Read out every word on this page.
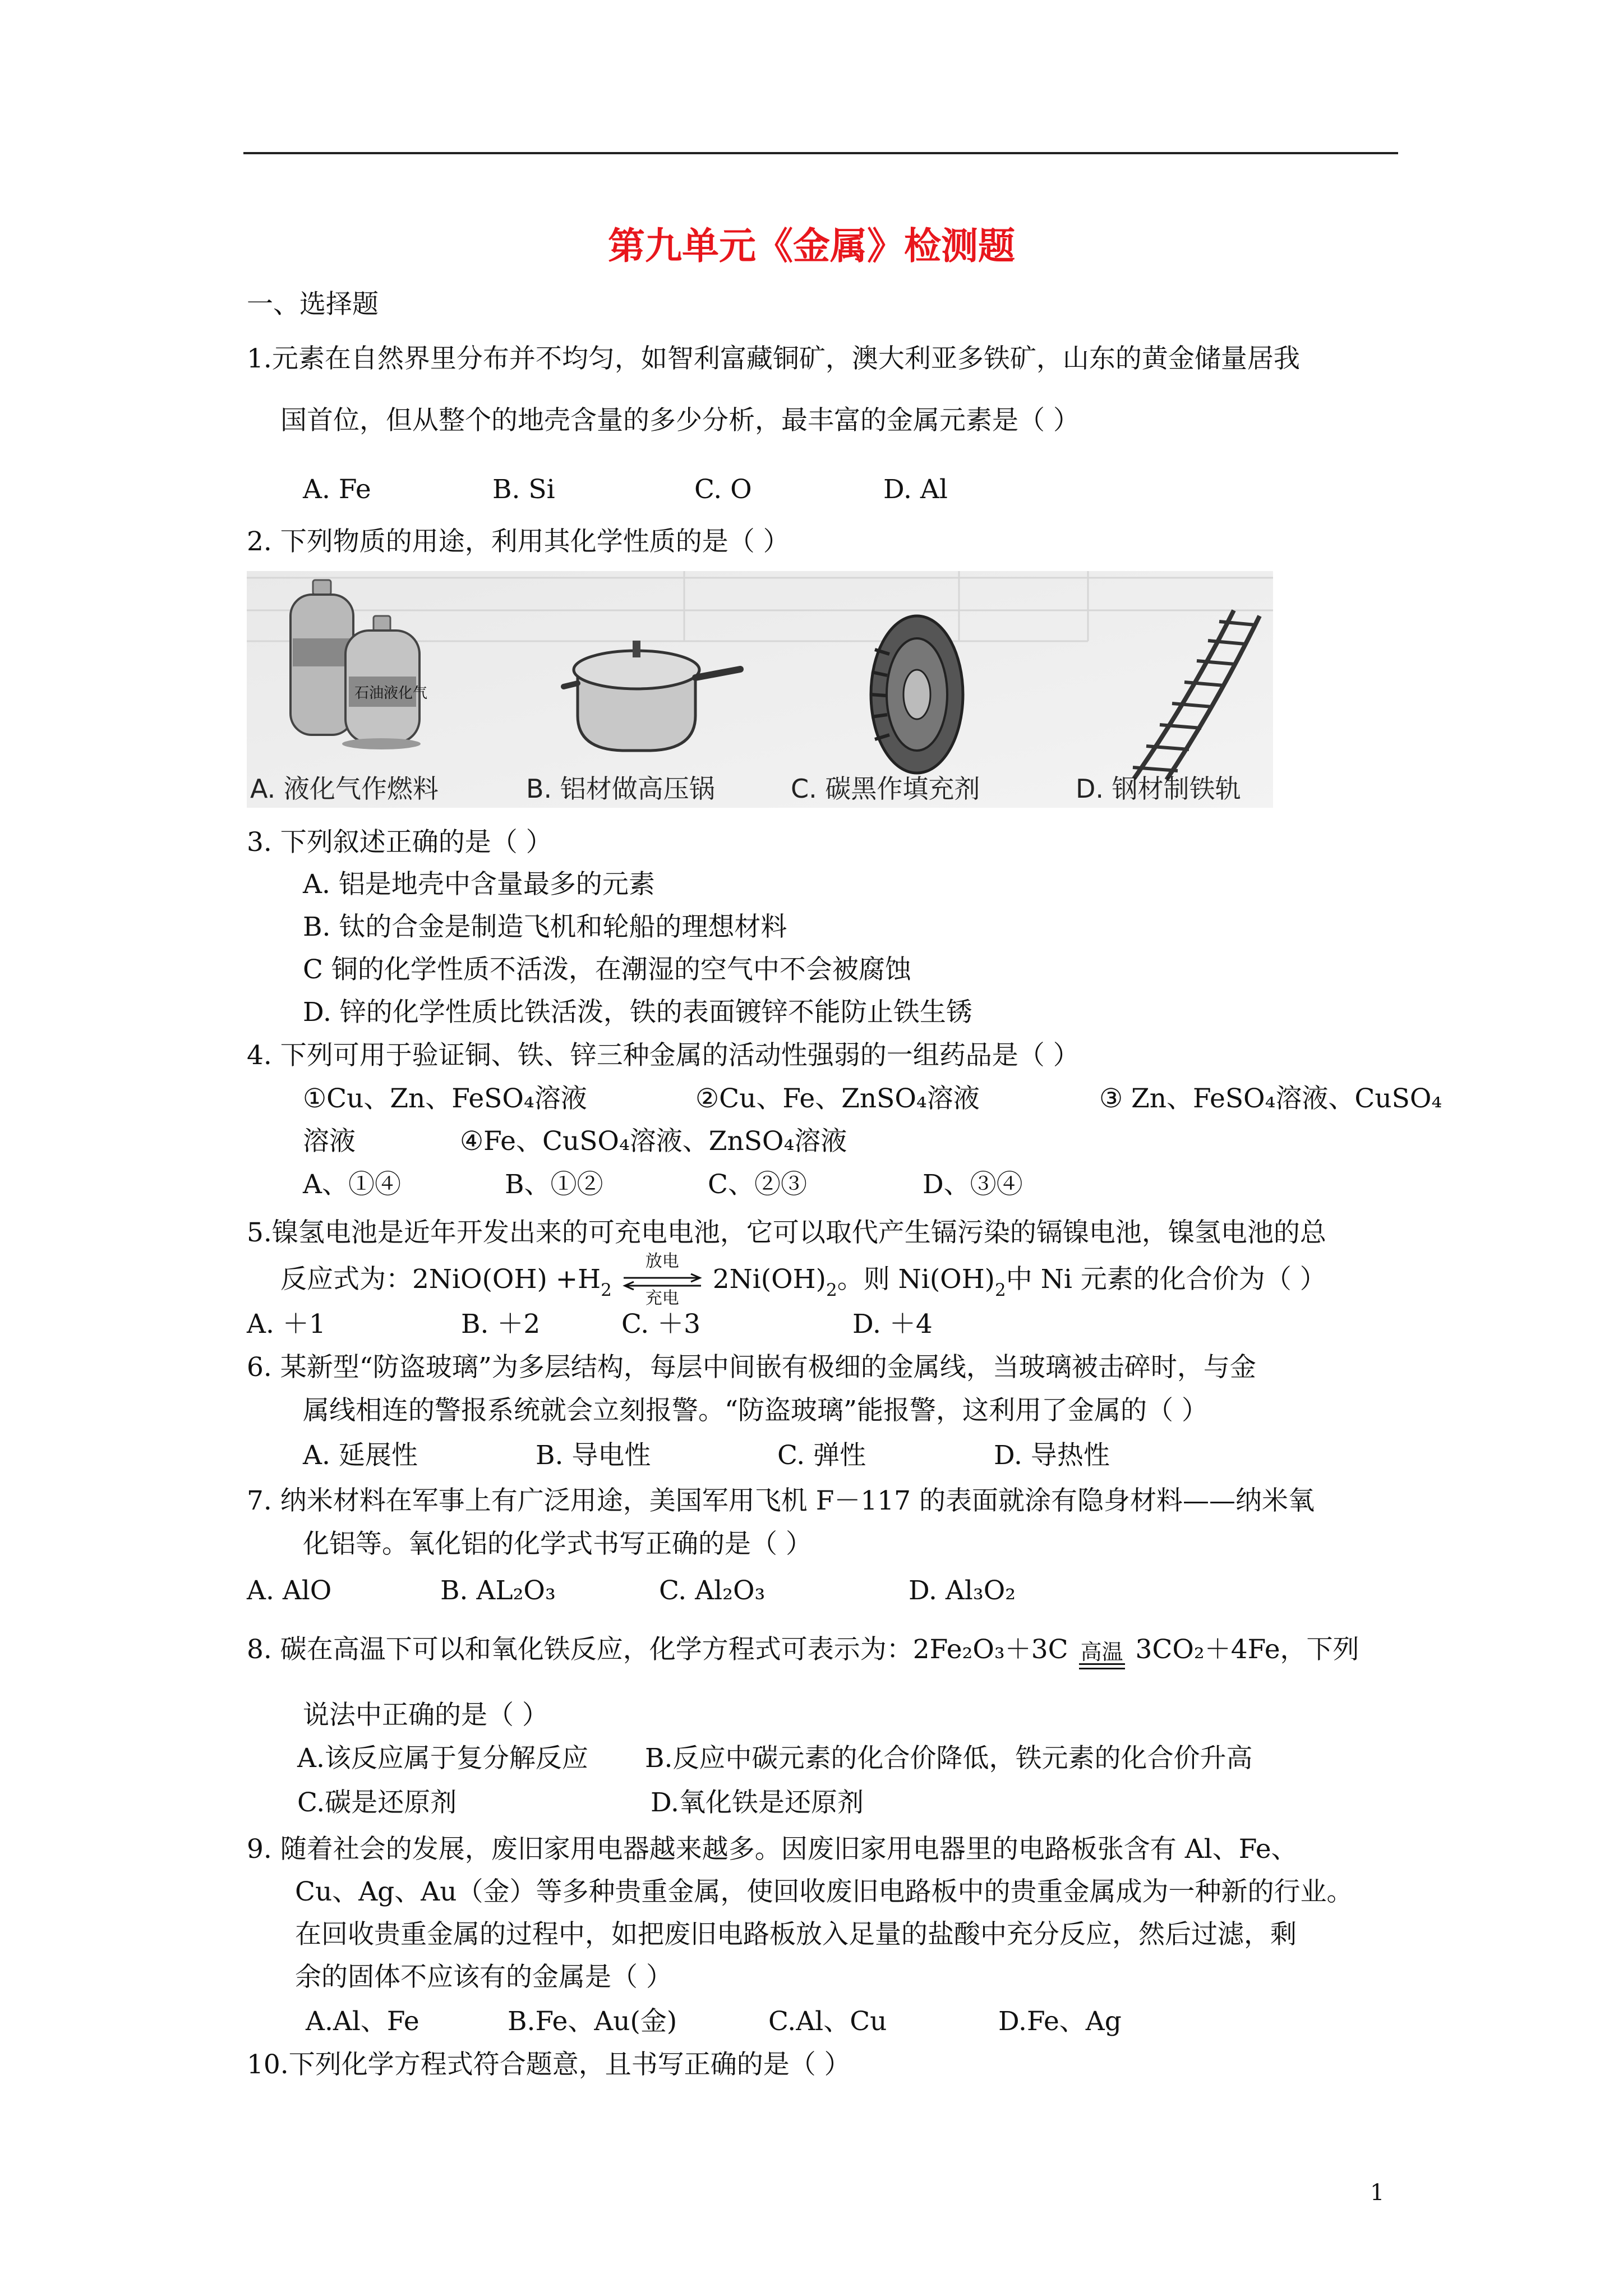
第九单元《金属》检测题
一、选择题
1.元素在自然界里分布并不均匀，如智利富藏铜矿，澳大利亚多铁矿，山东的黄金储量居我
国首位，但从整个的地壳含量的多少分析，最丰富的金属元素是（ ）
A. Fe	B. Si	C. O	D. Al
2. 下列物质的用途，利用其化学性质的是（ ）
石油液化气
A. 液化气作燃料	B. 铝材做高压锅	C. 碳黑作填充剂	D. 钢材制铁轨
3. 下列叙述正确的是（ ）
A. 铝是地壳中含量最多的元素
B. 钛的合金是制造飞机和轮船的理想材料
C 铜的化学性质不活泼，在潮湿的空气中不会被腐蚀
D. 锌的化学性质比铁活泼，铁的表面镀锌不能防止铁生锈
4. 下列可用于验证铜、铁、锌三种金属的活动性强弱的一组药品是（ ）
①Cu、Zn、FeSO₄溶液	②Cu、Fe、ZnSO₄溶液	③ Zn、FeSO₄溶液、CuSO₄
溶液	④Fe、CuSO₄溶液、ZnSO₄溶液
A、①④	B、①②	C、②③	D、③④
5.镍氢电池是近年开发出来的可充电电池，它可以取代产生镉污染的镉镍电池，镍氢电池的总
反应式为：$2NiO(OH) +H_2$
放电
充电
$2Ni(OH)_2$。则 $Ni(OH)_2$中 Ni 元素的化合价为（ ）
A. ＋1	B. ＋2	C. ＋3	D. ＋4
6. 某新型“防盗玻璃”为多层结构，每层中间嵌有极细的金属线，当玻璃被击碎时，与金
属线相连的警报系统就会立刻报警。“防盗玻璃”能报警，这利用了金属的（ ）
A. 延展性	B. 导电性	C. 弹性	D. 导热性
7. 纳米材料在军事上有广泛用途，美国军用飞机 F－117 的表面就涂有隐身材料——纳米氧
化铝等。氧化铝的化学式书写正确的是（ ）
A. AlO	B. AL₂O₃	C. Al₂O₃	D. Al₃O₂
8. 碳在高温下可以和氧化铁反应，化学方程式可表示为：2Fe₂O₃＋3C 高温 3CO₂＋4Fe，下列
说法中正确的是（ ）
A.该反应属于复分解反应 B.反应中碳元素的化合价降低，铁元素的化合价升高
C.碳是还原剂	D.氧化铁是还原剂
9. 随着社会的发展，废旧家用电器越来越多。因废旧家用电器里的电路板张含有 Al、Fe、
Cu、Ag、Au（金）等多种贵重金属，使回收废旧电路板中的贵重金属成为一种新的行业。
在回收贵重金属的过程中，如把废旧电路板放入足量的盐酸中充分反应，然后过滤，剩
余的固体不应该有的金属是（ ）
A.Al、Fe	B.Fe、Au(金)	C.Al、Cu	D.Fe、Ag
10.下列化学方程式符合题意，且书写正确的是（ ）
1
